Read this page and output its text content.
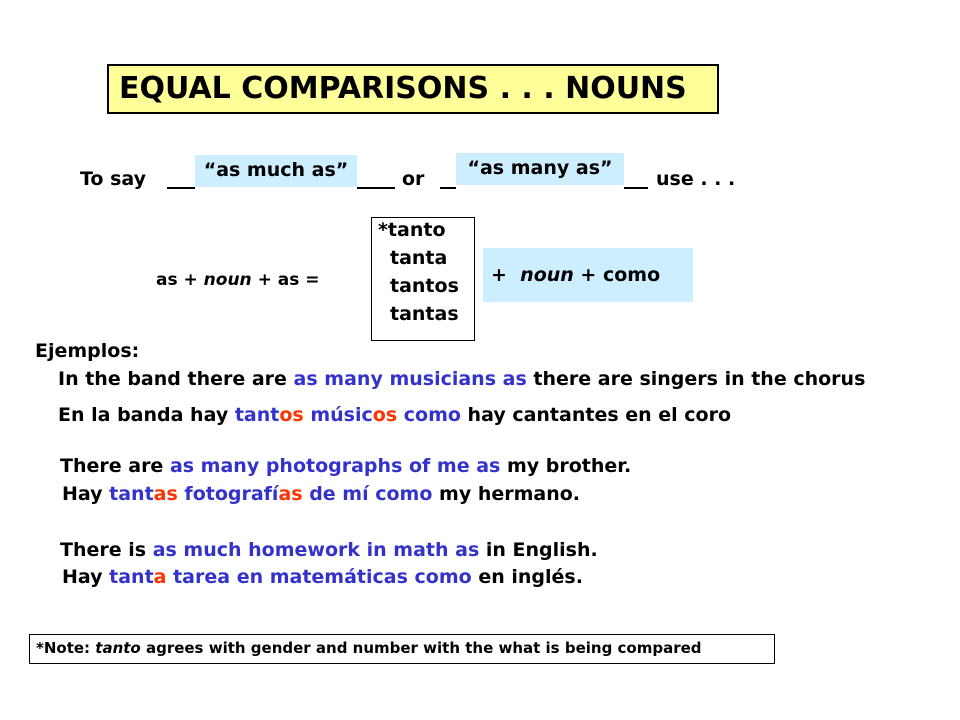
EQUAL COMPARISONS . . . NOUNS
To say	“as much as”	or	“as many as”	use . . .
as + noun + as =
*tanto
tanta
tantos
tantas
+  noun + como
Ejemplos:
In the band there are as many musicians as there are singers in the chorus
En la banda hay tantos músicos como hay cantantes en el coro
There are as many photographs of me as my brother.
Hay tantas fotografías de mí como my hermano.
There is as much homework in math as in English.
Hay tanta tarea en matemáticas como en inglés.
*Note: tanto agrees with gender and number with the what is being compared
